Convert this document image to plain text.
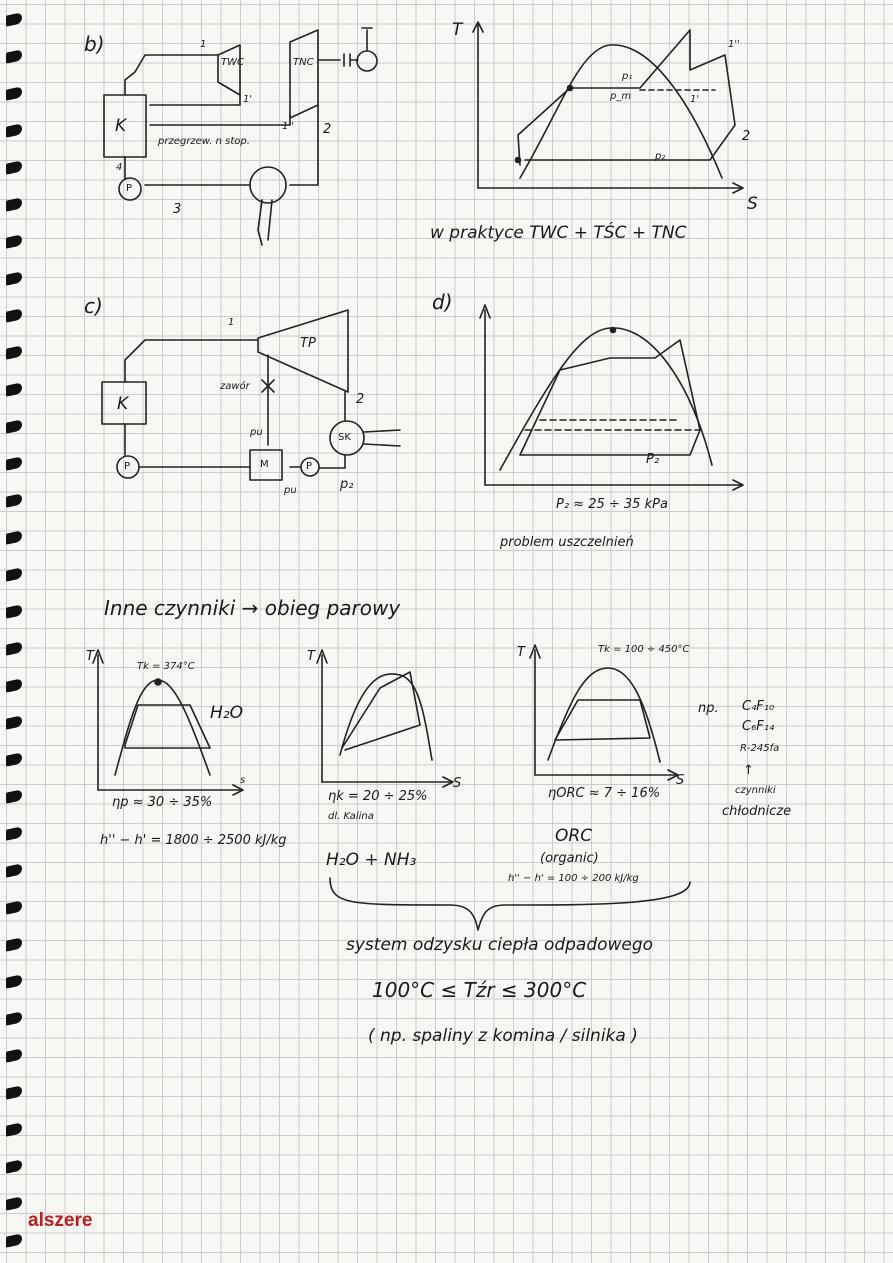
b)
K
TWC	TNC
przegrzew. n stop.
1
1'
1'' 2
3
4
P
T
S
p₁
p_m
p₂
1''
1'
2
w praktyce TWC + TŚC + TNC
c)
K
TP
zawór
SK
M
P	P
pu
pu	p₂
1
2
d)
P₂
P₂ ≈ 25 ÷ 35 kPa
problem uszczelnień
Inne czynniki → obieg parowy
T
s
Tk = 374°C
H₂O
ηp ≈ 30 ÷ 35%
h'' − h' = 1800 ÷ 2500 kJ/kg
T
S
ηk = 20 ÷ 25%
dl. Kalina
H₂O + NH₃
T
S
Tk = 100 ÷ 450°C
ηORC ≈ 7 ÷ 16%
ORC
(organic)
h'' − h' = 100 ÷ 200 kJ/kg
np. C₄F₁₀
C₆F₁₄
R-245fa
↑
czynniki
chłodnicze
system odzysku ciepła odpadowego
100°C ≤ Tźr ≤ 300°C
( np. spaliny z komina / silnika )
alszere
